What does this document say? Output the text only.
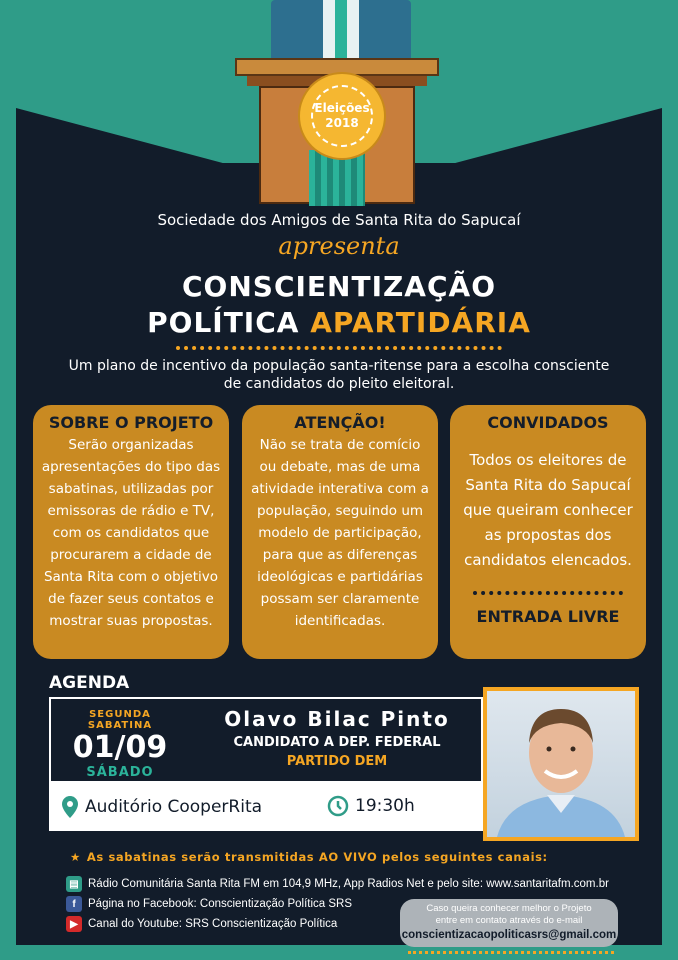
Eleições
2018
Sociedade dos Amigos de Santa Rita do Sapucaí
apresenta
CONSCIENTIZAÇÃO
POLÍTICA APARTIDÁRIA
Um plano de incentivo da população santa-ritense para a escolha consciente de candidatos do pleito eleitoral.
SOBRE O PROJETO

Serão organizadas apresentações do tipo das sabatinas, utilizadas por emissoras de rádio e TV, com os candidatos que procurarem a cidade de Santa Rita com o objetivo de fazer seus contatos e mostrar suas propostas.

ATENÇÃO!

Não se trata de comício ou debate, mas de uma atividade interativa com a população, seguindo um modelo de participação, para que as diferenças ideológicas e partidárias possam ser claramente identificadas.

CONVIDADOS

Todos os eleitores de Santa Rita do Sapucaí que queiram conhecer as propostas dos candidatos elencados.

ENTRADA LIVRE
AGENDA
SEGUNDA SABATINA
01/09
SÁBADO
Olavo Bilac Pinto
CANDIDATO A DEP. FEDERAL
PARTIDO DEM
Auditório CooperRita	19:30h
★ As sabatinas serão transmitidas AO VIVO pelos seguintes canais:
▤ Rádio Comunitária Santa Rita FM em 104,9 MHz, App Radios Net e pelo site: www.santaritafm.com.br
f	Página no Facebook: Conscientização Política SRS
▶ Canal do Youtube: SRS Conscientização Política
Caso queira conhecer melhor o Projeto
entre em contato através do e-mail
conscientizacaopoliticasrs@gmail.com
